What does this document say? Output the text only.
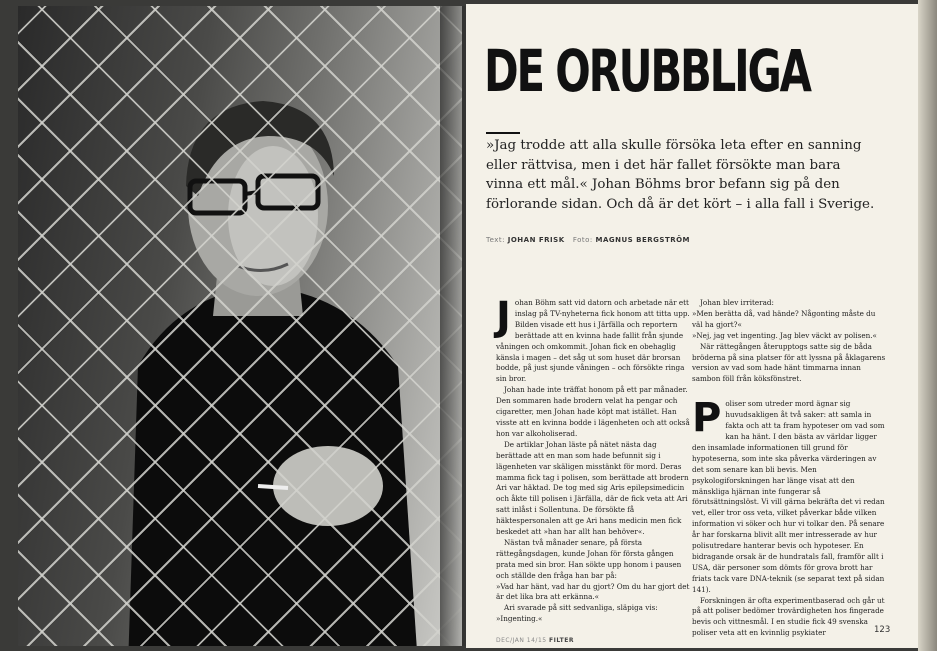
DE ORUBBLIGA

»Jag trodde att alla skulle försöka leta efter en sanning eller rättvisa, men i det här fallet försökte man bara vinna ett mål.« Johan Böhms bror befann sig på den förlorande sidan. Och då är det kört – i alla fall i Sverige.

Text: JOHAN FRISK Foto: MAGNUS BERGSTRÖM

Johan Böhm satt vid datorn och arbetade när ett inslag på TV-nyheterna fick honom att titta upp. Bilden visade ett hus i Järfälla och reportern berättade att en kvinna hade fallit från sjunde våningen och omkommit. Johan fick en obehaglig känsla i magen – det såg ut som huset där brorsan bodde, på just sjunde våningen – och försökte ringa sin bror.

Johan hade inte träffat honom på ett par månader. Den sommaren hade brodern velat ha pengar och cigaretter, men Johan hade köpt mat istället. Han visste att en kvinna bodde i lägenheten och att också hon var alkoholiserad.

De artiklar Johan läste på nätet nästa dag berättade att en man som hade befunnit sig i lägenheten var skäligen misstänkt för mord. Deras mamma fick tag i polisen, som berättade att brodern Ari var häktad. De tog med sig Aris epilepsimedicin och åkte till polisen i Järfälla, där de fick veta att Ari satt inlåst i Sollentuna. De försökte få häktespersonalen att ge Ari hans medicin men fick beskedet att »han har allt han behöver«.

Nästan två månader senare, på första rättegångsdagen, kunde Johan för första gången prata med sin bror. Han sökte upp honom i pausen och ställde den fråga han bar på:

»Vad har hänt, vad har du gjort? Om du har gjort det är det lika bra att erkänna.«

Ari svarade på sitt sedvanliga, släpiga vis:

»Ingenting.«

Johan blev irriterad:

»Men berätta då, vad hände? Någonting måste du väl ha gjort?«

»Nej, jag vet ingenting. Jag blev väckt av polisen.«

När rättegången återupptogs satte sig de båda bröderna på sina platser för att lyssna på åklagarens version av vad som hade hänt timmarna innan sambon föll från köksfönstret.

Poliser som utreder mord ägnar sig huvudsakligen åt två saker: att samla in fakta och att ta fram hypoteser om vad som kan ha hänt. I den bästa av världar ligger den insamlade informationen till grund för hypoteserna, som inte ska påverka värderingen av det som senare kan bli bevis. Men psykologiforskningen har länge visat att den mänskliga hjärnan inte fungerar så förutsättningslöst. Vi vill gärna bekräfta det vi redan vet, eller tror oss veta, vilket påverkar både vilken information vi söker och hur vi tolkar den. På senare år har forskarna blivit allt mer intresserade av hur polisutredare hanterar bevis och hypoteser. En bidragande orsak är de hundratals fall, framför allt i USA, där personer som dömts för grova brott har friats tack vare DNA-teknik (se separat text på sidan 141).

Forskningen är ofta experimentbaserad och går ut på att poliser bedömer trovärdigheten hos fingerade bevis och vittnesmål. I en studie fick 49 svenska poliser veta att en kvinnlig psykiater

DEC/JAN 14/15 FILTER
123
